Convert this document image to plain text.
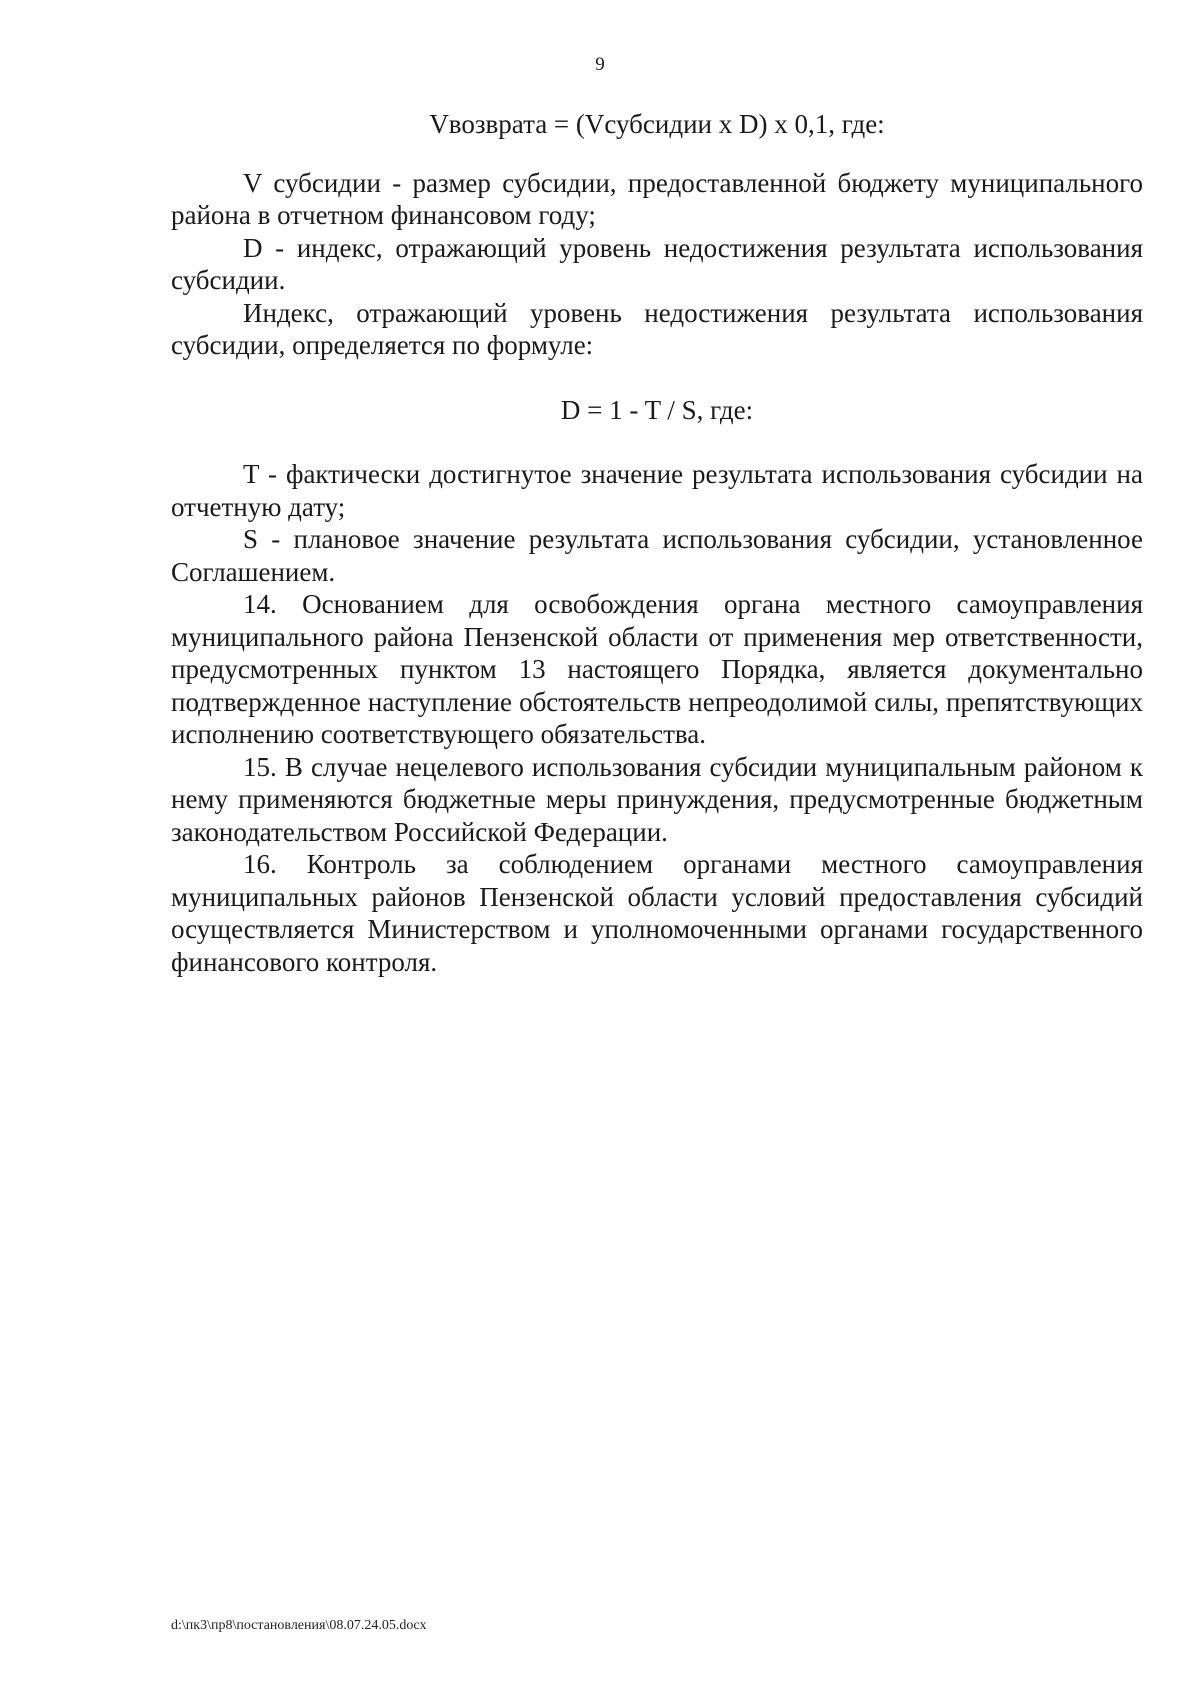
9

Vвозврата = (Vсубсидии x D) x 0,1, где:

V субсидии - размер субсидии, предоставленной бюджету муниципального района в отчетном финансовом году;

D - индекс, отражающий уровень недостижения результата использования субсидии.

Индекс, отражающий уровень недостижения результата использования субсидии, определяется по формуле:

D = 1 - T / S, где:

T - фактически достигнутое значение результата использования субсидии на отчетную дату;

S - плановое значение результата использования субсидии, установленное Соглашением.

14. Основанием для освобождения органа местного самоуправления муниципального района Пензенской области от применения мер ответственности, предусмотренных пунктом 13 настоящего Порядка, является документально подтвержденное наступление обстоятельств непреодолимой силы, препятствующих исполнению соответствующего обязательства.

15. В случае нецелевого использования субсидии муниципальным районом к нему применяются бюджетные меры принуждения, предусмотренные бюджетным законодательством Российской Федерации.

16. Контроль за соблюдением органами местного самоуправления муниципальных районов Пензенской области условий предоставления субсидий осуществляется Министерством и уполномоченными органами государственного финансового контроля.

d:\пк3\пр8\постановления\08.07.24.05.docx
